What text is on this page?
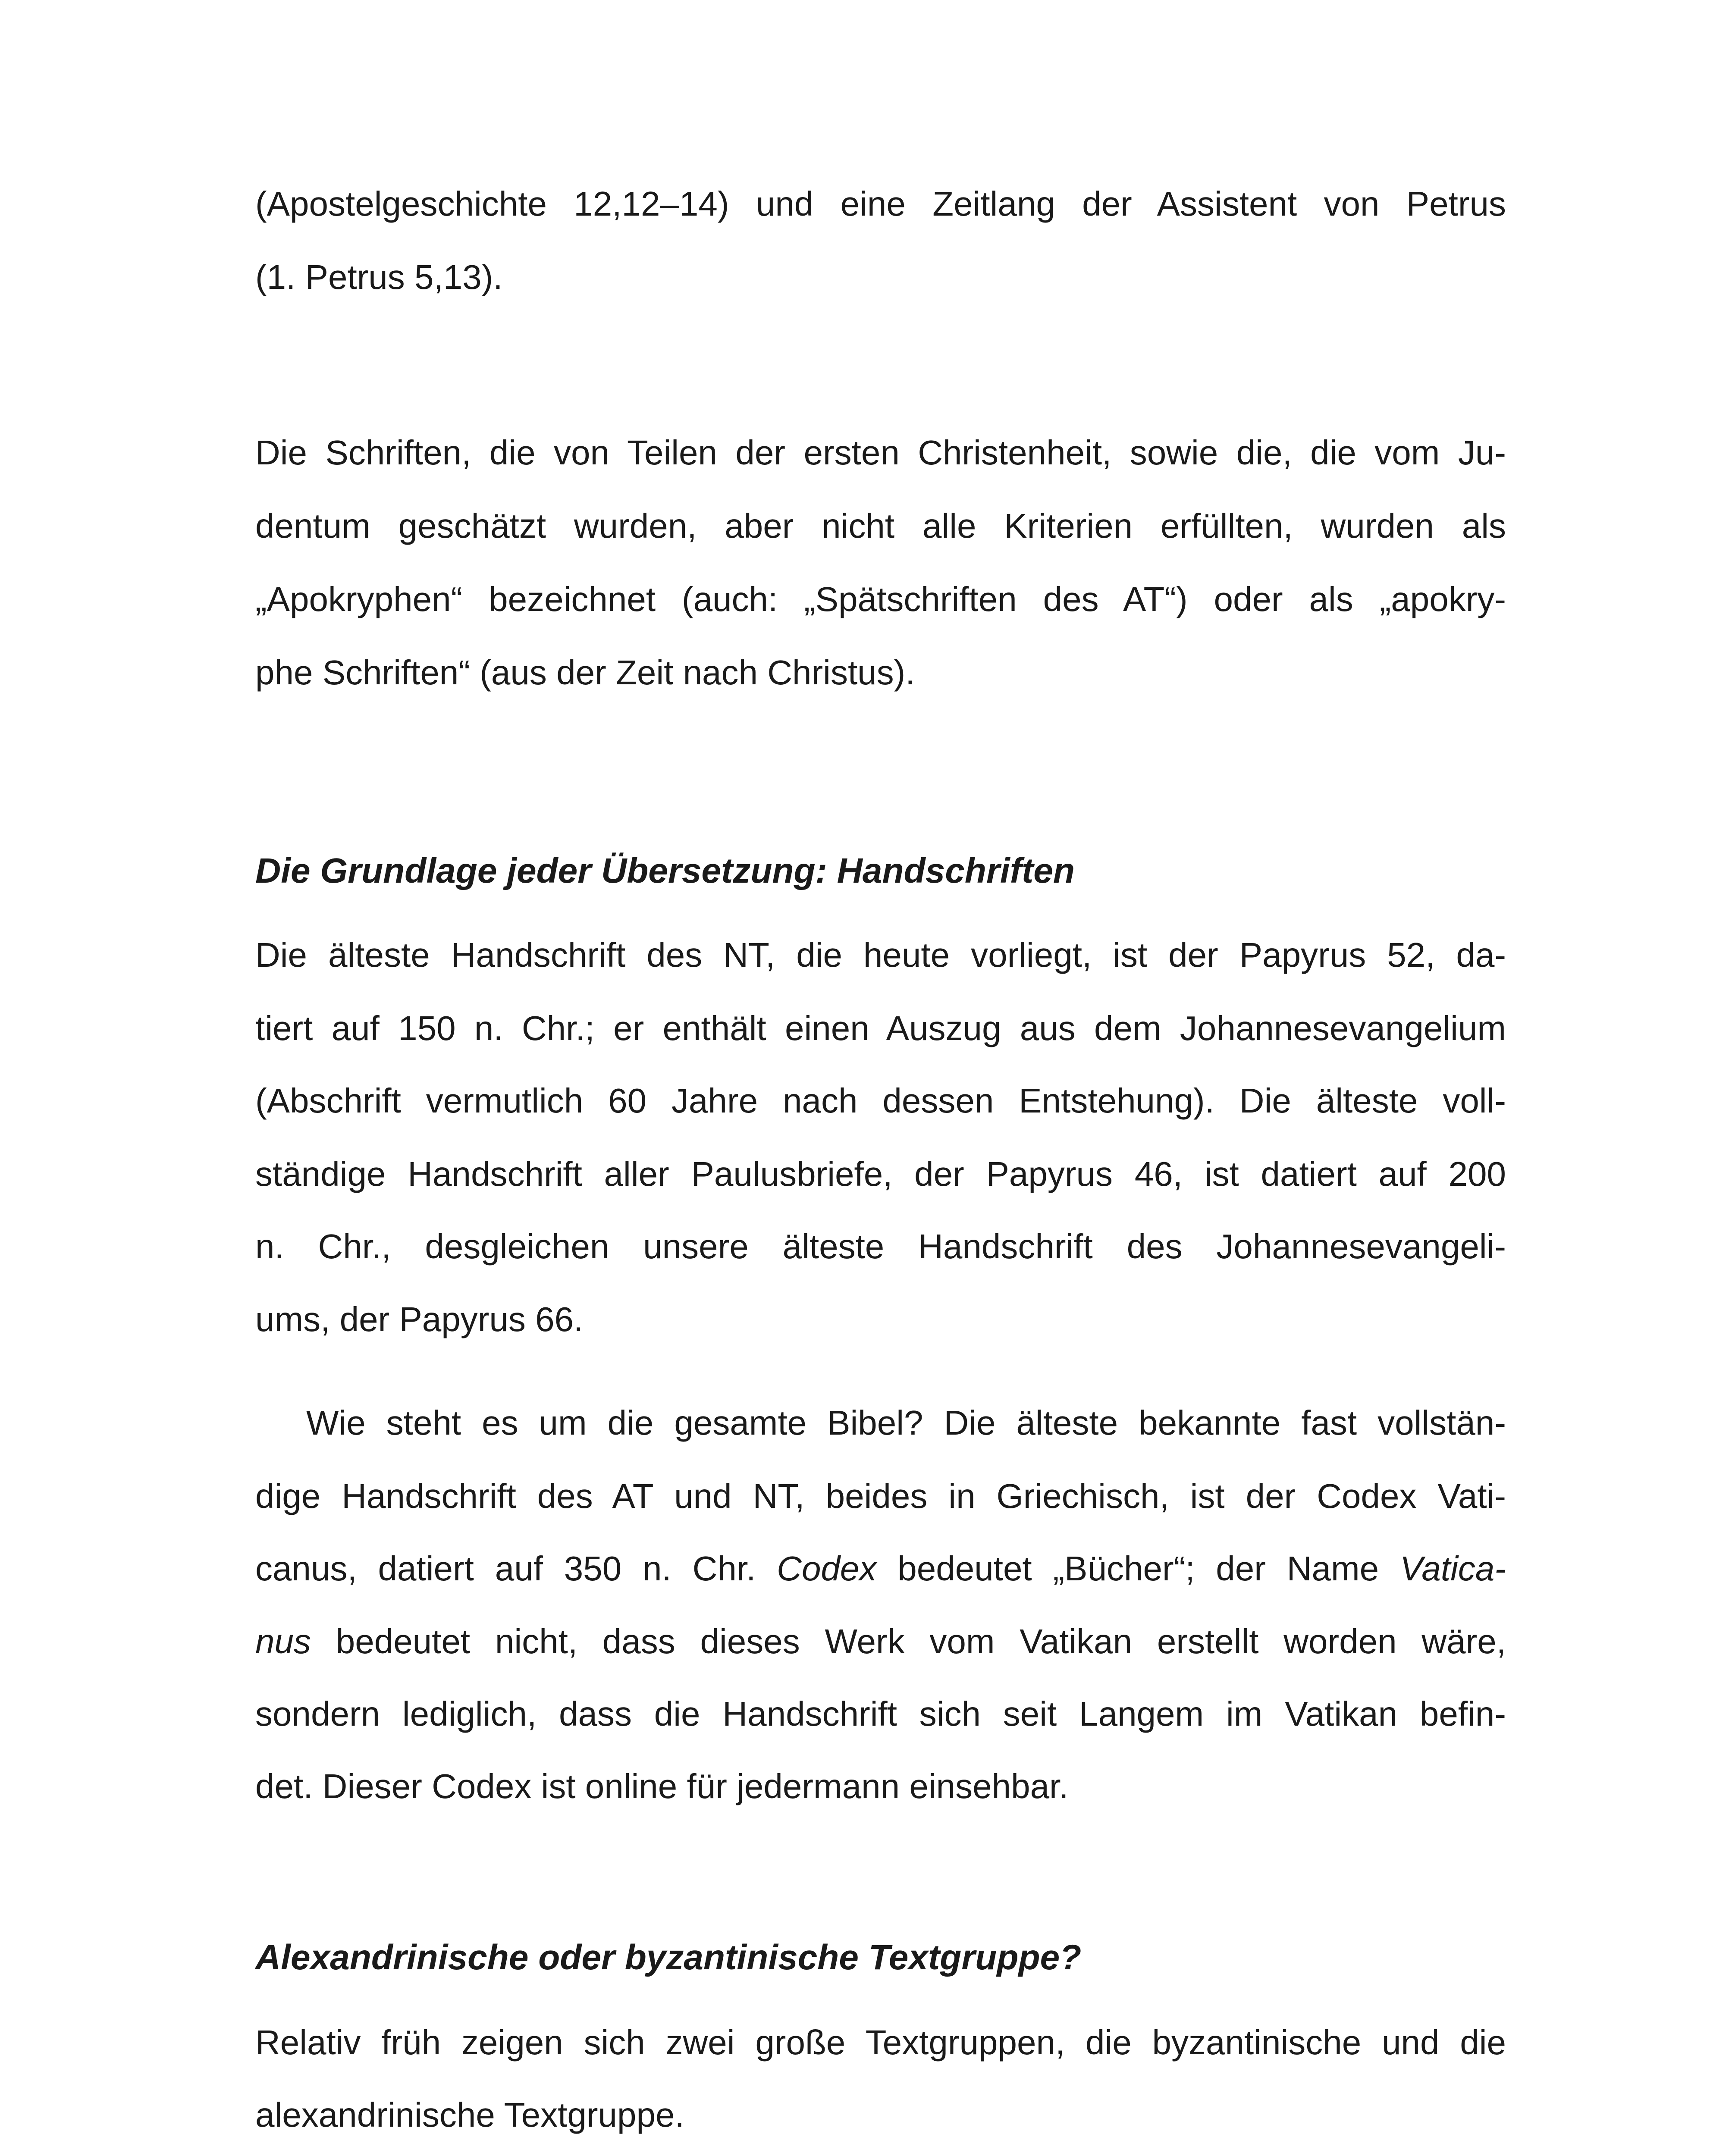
(Apostelgeschichte 12,12–14) und eine Zeitlang der Assistent von Petrus
(1. Petrus 5,13).
Die Schriften, die von Teilen der ersten Christenheit, sowie die, die vom Ju-
dentum geschätzt wurden, aber nicht alle Kriterien erfüllten, wurden als
„Apokryphen“ bezeichnet (auch: „Spätschriften des AT“) oder als „apokry-
phe Schriften“ (aus der Zeit nach Christus).
Die Grundlage jeder Übersetzung: Handschriften
Die älteste Handschrift des NT, die heute vorliegt, ist der Papyrus 52, da-
tiert auf 150 n. Chr.; er enthält einen Auszug aus dem Johannesevangelium
(Abschrift vermutlich 60 Jahre nach dessen Entstehung). Die älteste voll-
ständige Handschrift aller Paulusbriefe, der Papyrus 46, ist datiert auf 200
n. Chr., desgleichen unsere älteste Handschrift des Johannesevangeli-
ums, der Papyrus 66.
Wie steht es um die gesamte Bibel? Die älteste bekannte fast vollstän-
dige Handschrift des AT und NT, beides in Griechisch, ist der Codex Vati-
canus, datiert auf 350 n. Chr. Codex bedeutet „Bücher“; der Name Vatica-
nus bedeutet nicht, dass dieses Werk vom Vatikan erstellt worden wäre,
sondern lediglich, dass die Handschrift sich seit Langem im Vatikan befin-
det. Dieser Codex ist online für jedermann einsehbar.
Alexandrinische oder byzantinische Textgruppe?
Relativ früh zeigen sich zwei große Textgruppen, die byzantinische und die
alexandrinische Textgruppe.
